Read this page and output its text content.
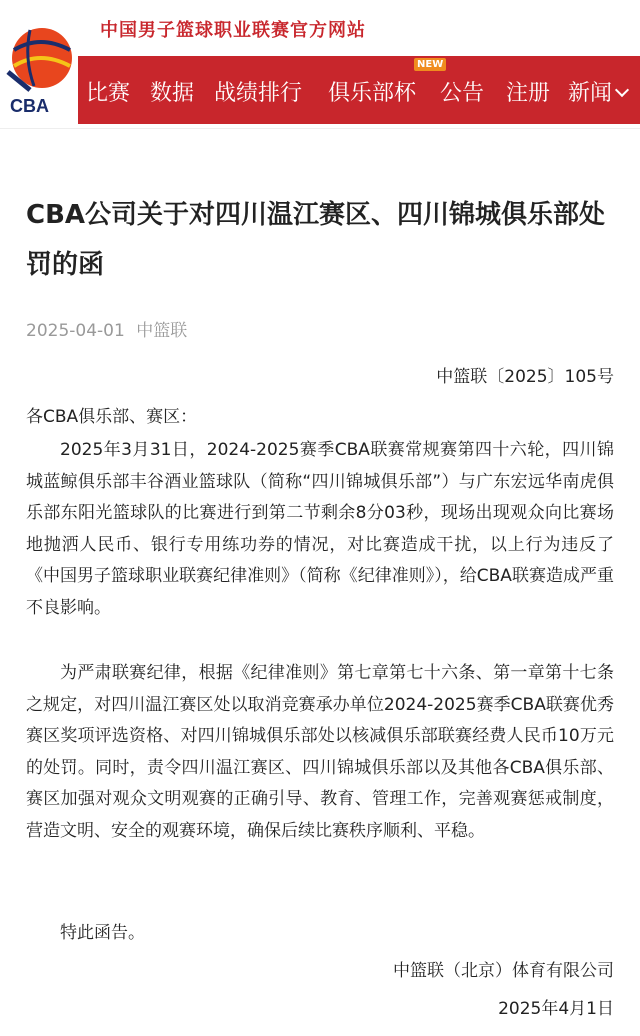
CBA
中国男子篮球职业联赛官方网站
比赛 数据 战绩排行 俱乐部杯 公告 注册 新闻
NEW
CBA公司关于对四川温江赛区、四川锦城俱乐部处罚的函
2025-04-01 中篮联
中篮联〔2025〕105号
各CBA俱乐部、赛区：
2025年3月31日，2024-2025赛季CBA联赛常规赛第四十六轮，四川锦城蓝鲸俱乐部丰谷酒业篮球队（简称“四川锦城俱乐部”）与广东宏远华南虎俱乐部东阳光篮球队的比赛进行到第二节剩余8分03秒，现场出现观众向比赛场地抛洒人民币、银行专用练功券的情况，对比赛造成干扰，以上行为违反了《中国男子篮球职业联赛纪律准则》（简称《纪律准则》），给CBA联赛造成严重不良影响。
为严肃联赛纪律，根据《纪律准则》第七章第七十六条、第一章第十七条之规定，对四川温江赛区处以取消竞赛承办单位2024-2025赛季CBA联赛优秀赛区奖项评选资格、对四川锦城俱乐部处以核减俱乐部联赛经费人民币10万元的处罚。同时，责令四川温江赛区、四川锦城俱乐部以及其他各CBA俱乐部、赛区加强对观众文明观赛的正确引导、教育、管理工作，完善观赛惩戒制度，营造文明、安全的观赛环境，确保后续比赛秩序顺利、平稳。
特此函告。
中篮联（北京）体育有限公司
2025年4月1日
